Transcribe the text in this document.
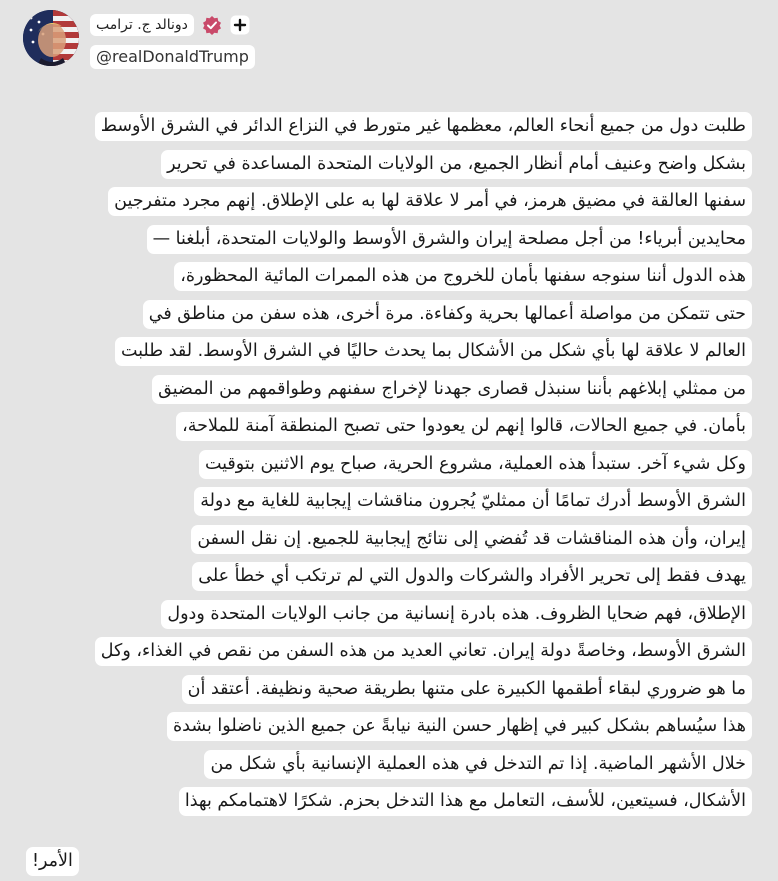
دونالد ج. ترامب
@realDonaldTrump
طلبت دول من جميع أنحاء العالم، معظمها غير متورط في النزاع الدائر في الشرق الأوسط
بشكل واضح وعنيف أمام أنظار الجميع، من الولايات المتحدة المساعدة في تحرير
سفنها العالقة في مضيق هرمز، في أمر لا علاقة لها به على الإطلاق. إنهم مجرد متفرجين
محايدين أبرياء! من أجل مصلحة إيران والشرق الأوسط والولايات المتحدة، أبلغنا —
هذه الدول أننا سنوجه سفنها بأمان للخروج من هذه الممرات المائية المحظورة،
حتى تتمكن من مواصلة أعمالها بحرية وكفاءة. مرة أخرى، هذه سفن من مناطق في
العالم لا علاقة لها بأي شكل من الأشكال بما يحدث حاليًا في الشرق الأوسط. لقد طلبت
من ممثلي إبلاغهم بأننا سنبذل قصارى جهدنا لإخراج سفنهم وطواقمهم من المضيق
بأمان. في جميع الحالات، قالوا إنهم لن يعودوا حتى تصبح المنطقة آمنة للملاحة،
وكل شيء آخر. ستبدأ هذه العملية، مشروع الحرية، صباح يوم الاثنين بتوقيت
الشرق الأوسط أدرك تمامًا أن ممثليّ يُجرون مناقشات إيجابية للغاية مع دولة
إيران، وأن هذه المناقشات قد تُفضي إلى نتائج إيجابية للجميع. إن نقل السفن
يهدف فقط إلى تحرير الأفراد والشركات والدول التي لم ترتكب أي خطأ على
الإطلاق، فهم ضحايا الظروف. هذه بادرة إنسانية من جانب الولايات المتحدة ودول
الشرق الأوسط، وخاصةً دولة إيران. تعاني العديد من هذه السفن من نقص في الغذاء، وكل
ما هو ضروري لبقاء أطقمها الكبيرة على متنها بطريقة صحية ونظيفة. أعتقد أن
هذا سيُساهم بشكل كبير في إظهار حسن النية نيابةً عن جميع الذين ناضلوا بشدة
خلال الأشهر الماضية. إذا تم التدخل في هذه العملية الإنسانية بأي شكل من
الأشكال، فسيتعين، للأسف، التعامل مع هذا التدخل بحزم. شكرًا لاهتمامكم بهذا
الأمر!
